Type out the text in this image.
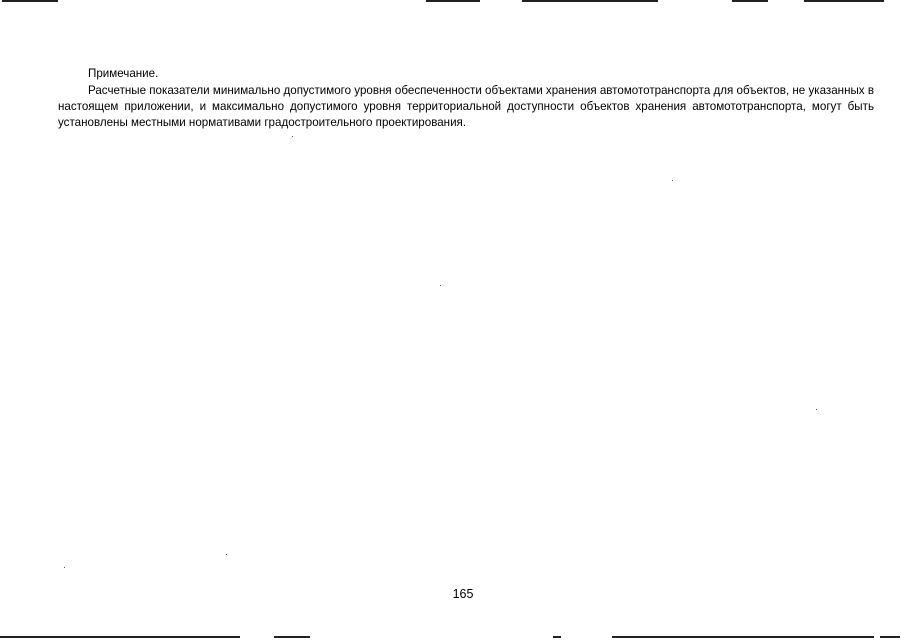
Примечание.

Расчетные показатели минимально допустимого уровня обеспеченности объектами хранения автомототранспорта для объектов, не указанных в настоящем приложении, и максимально допустимого уровня территориальной доступности объектов хранения автомототранспорта, могут быть установлены местными нормативами градостроительного проектирования.

165
